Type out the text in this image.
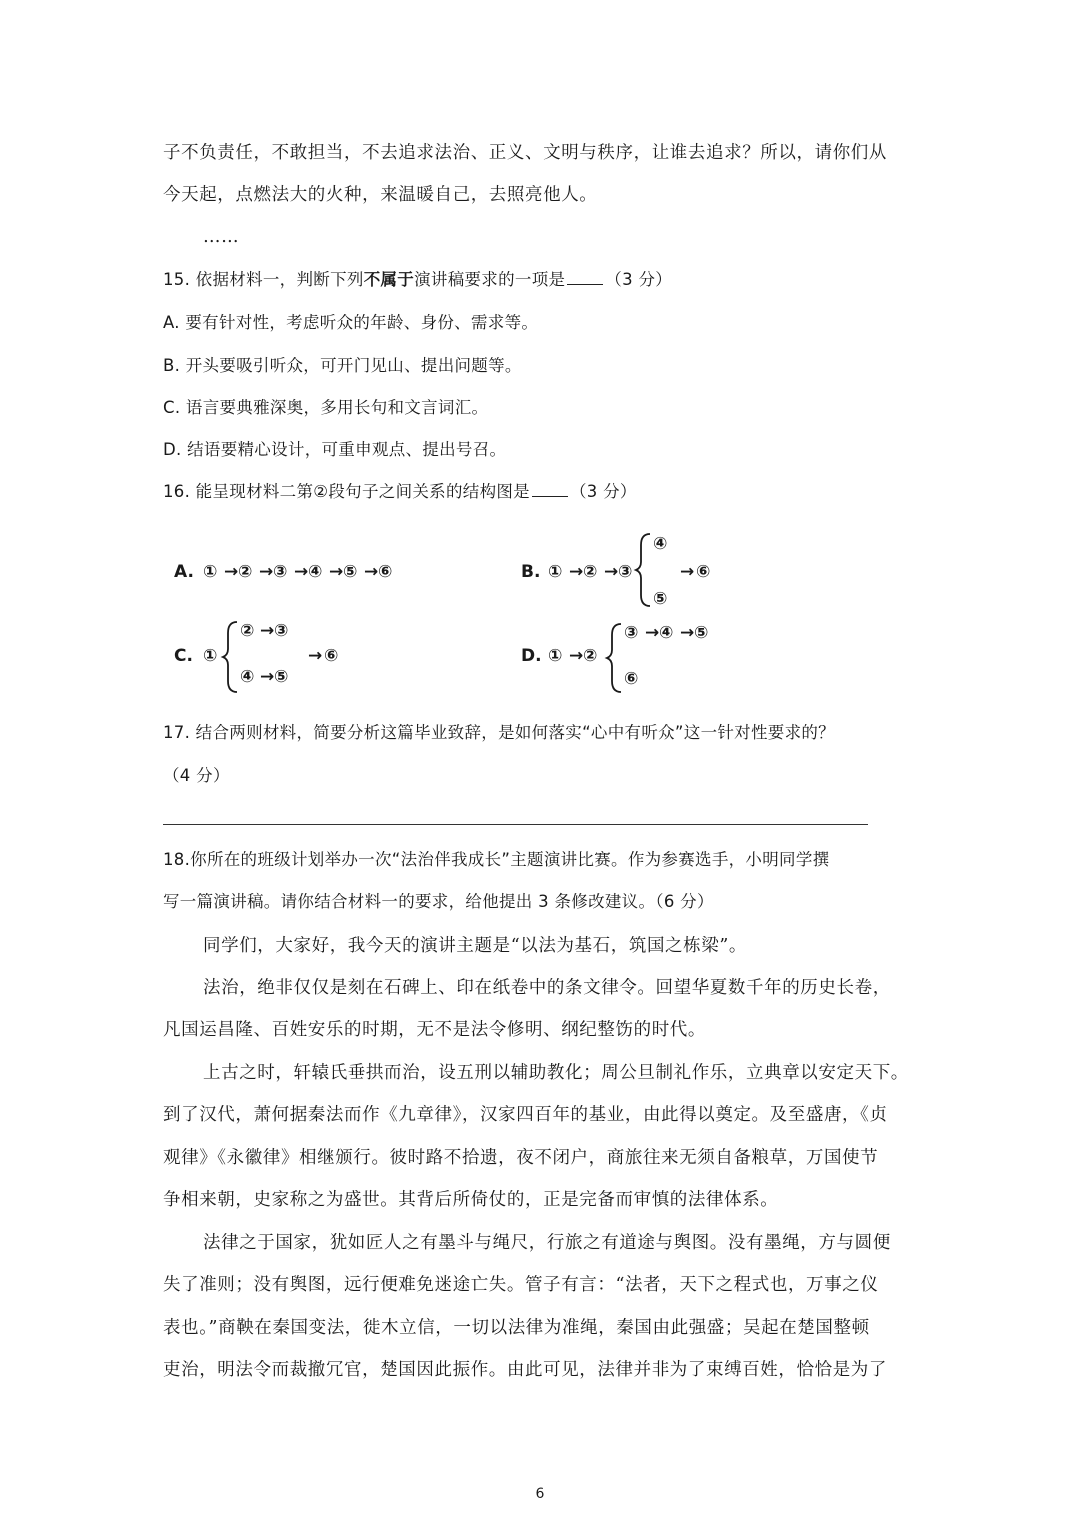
子不负责任，不敢担当，不去追求法治、正义、文明与秩序，让谁去追求？所以，请你们从
今天起，点燃法大的火种，来温暖自己，去照亮他人。
……
15. 依据材料一，判断下列不属于演讲稿要求的一项是 （3 分）
A. 要有针对性，考虑听众的年龄、身份、需求等。
B. 开头要吸引听众，可开门见山、提出问题等。
C. 语言要典雅深奥，多用长句和文言词汇。
D. 结语要精心设计，可重申观点、提出号召。
16. 能呈现材料二第②段句子之间关系的结构图是 （3 分）
A. ① → ② → ③ → ④ → ⑤ → ⑥	B. ① → ② → ③
④
⑤
→ ⑥
C. ①
② → ③
④ → ⑤
→ ⑥	D. ① → ②
③ → ④ → ⑤
⑥
17. 结合两则材料，简要分析这篇毕业致辞，是如何落实“心中有听众”这一针对性要求的？
（4 分）
18.你所在的班级计划举办一次“法治伴我成长”主题演讲比赛。作为参赛选手，小明同学撰
写一篇演讲稿。请你结合材料一的要求，给他提出 3 条修改建议。（6 分）
同学们，大家好，我今天的演讲主题是“以法为基石，筑国之栋梁”。
法治，绝非仅仅是刻在石碑上、印在纸卷中的条文律令。回望华夏数千年的历史长卷，
凡国运昌隆、百姓安乐的时期，无不是法令修明、纲纪整饬的时代。
上古之时，轩辕氏垂拱而治，设五刑以辅助教化；周公旦制礼作乐，立典章以安定天下。
到了汉代，萧何据秦法而作《九章律》，汉家四百年的基业，由此得以奠定。及至盛唐，《贞
观律》《永徽律》相继颁行。彼时路不拾遗，夜不闭户，商旅往来无须自备粮草，万国使节
争相来朝，史家称之为盛世。其背后所倚仗的，正是完备而审慎的法律体系。
法律之于国家，犹如匠人之有墨斗与绳尺，行旅之有道途与舆图。没有墨绳，方与圆便
失了准则；没有舆图，远行便难免迷途亡失。管子有言：“法者，天下之程式也，万事之仪
表也。”商鞅在秦国变法，徙木立信，一切以法律为准绳，秦国由此强盛；吴起在楚国整顿
吏治，明法令而裁撤冗官，楚国因此振作。由此可见，法律并非为了束缚百姓，恰恰是为了
6
